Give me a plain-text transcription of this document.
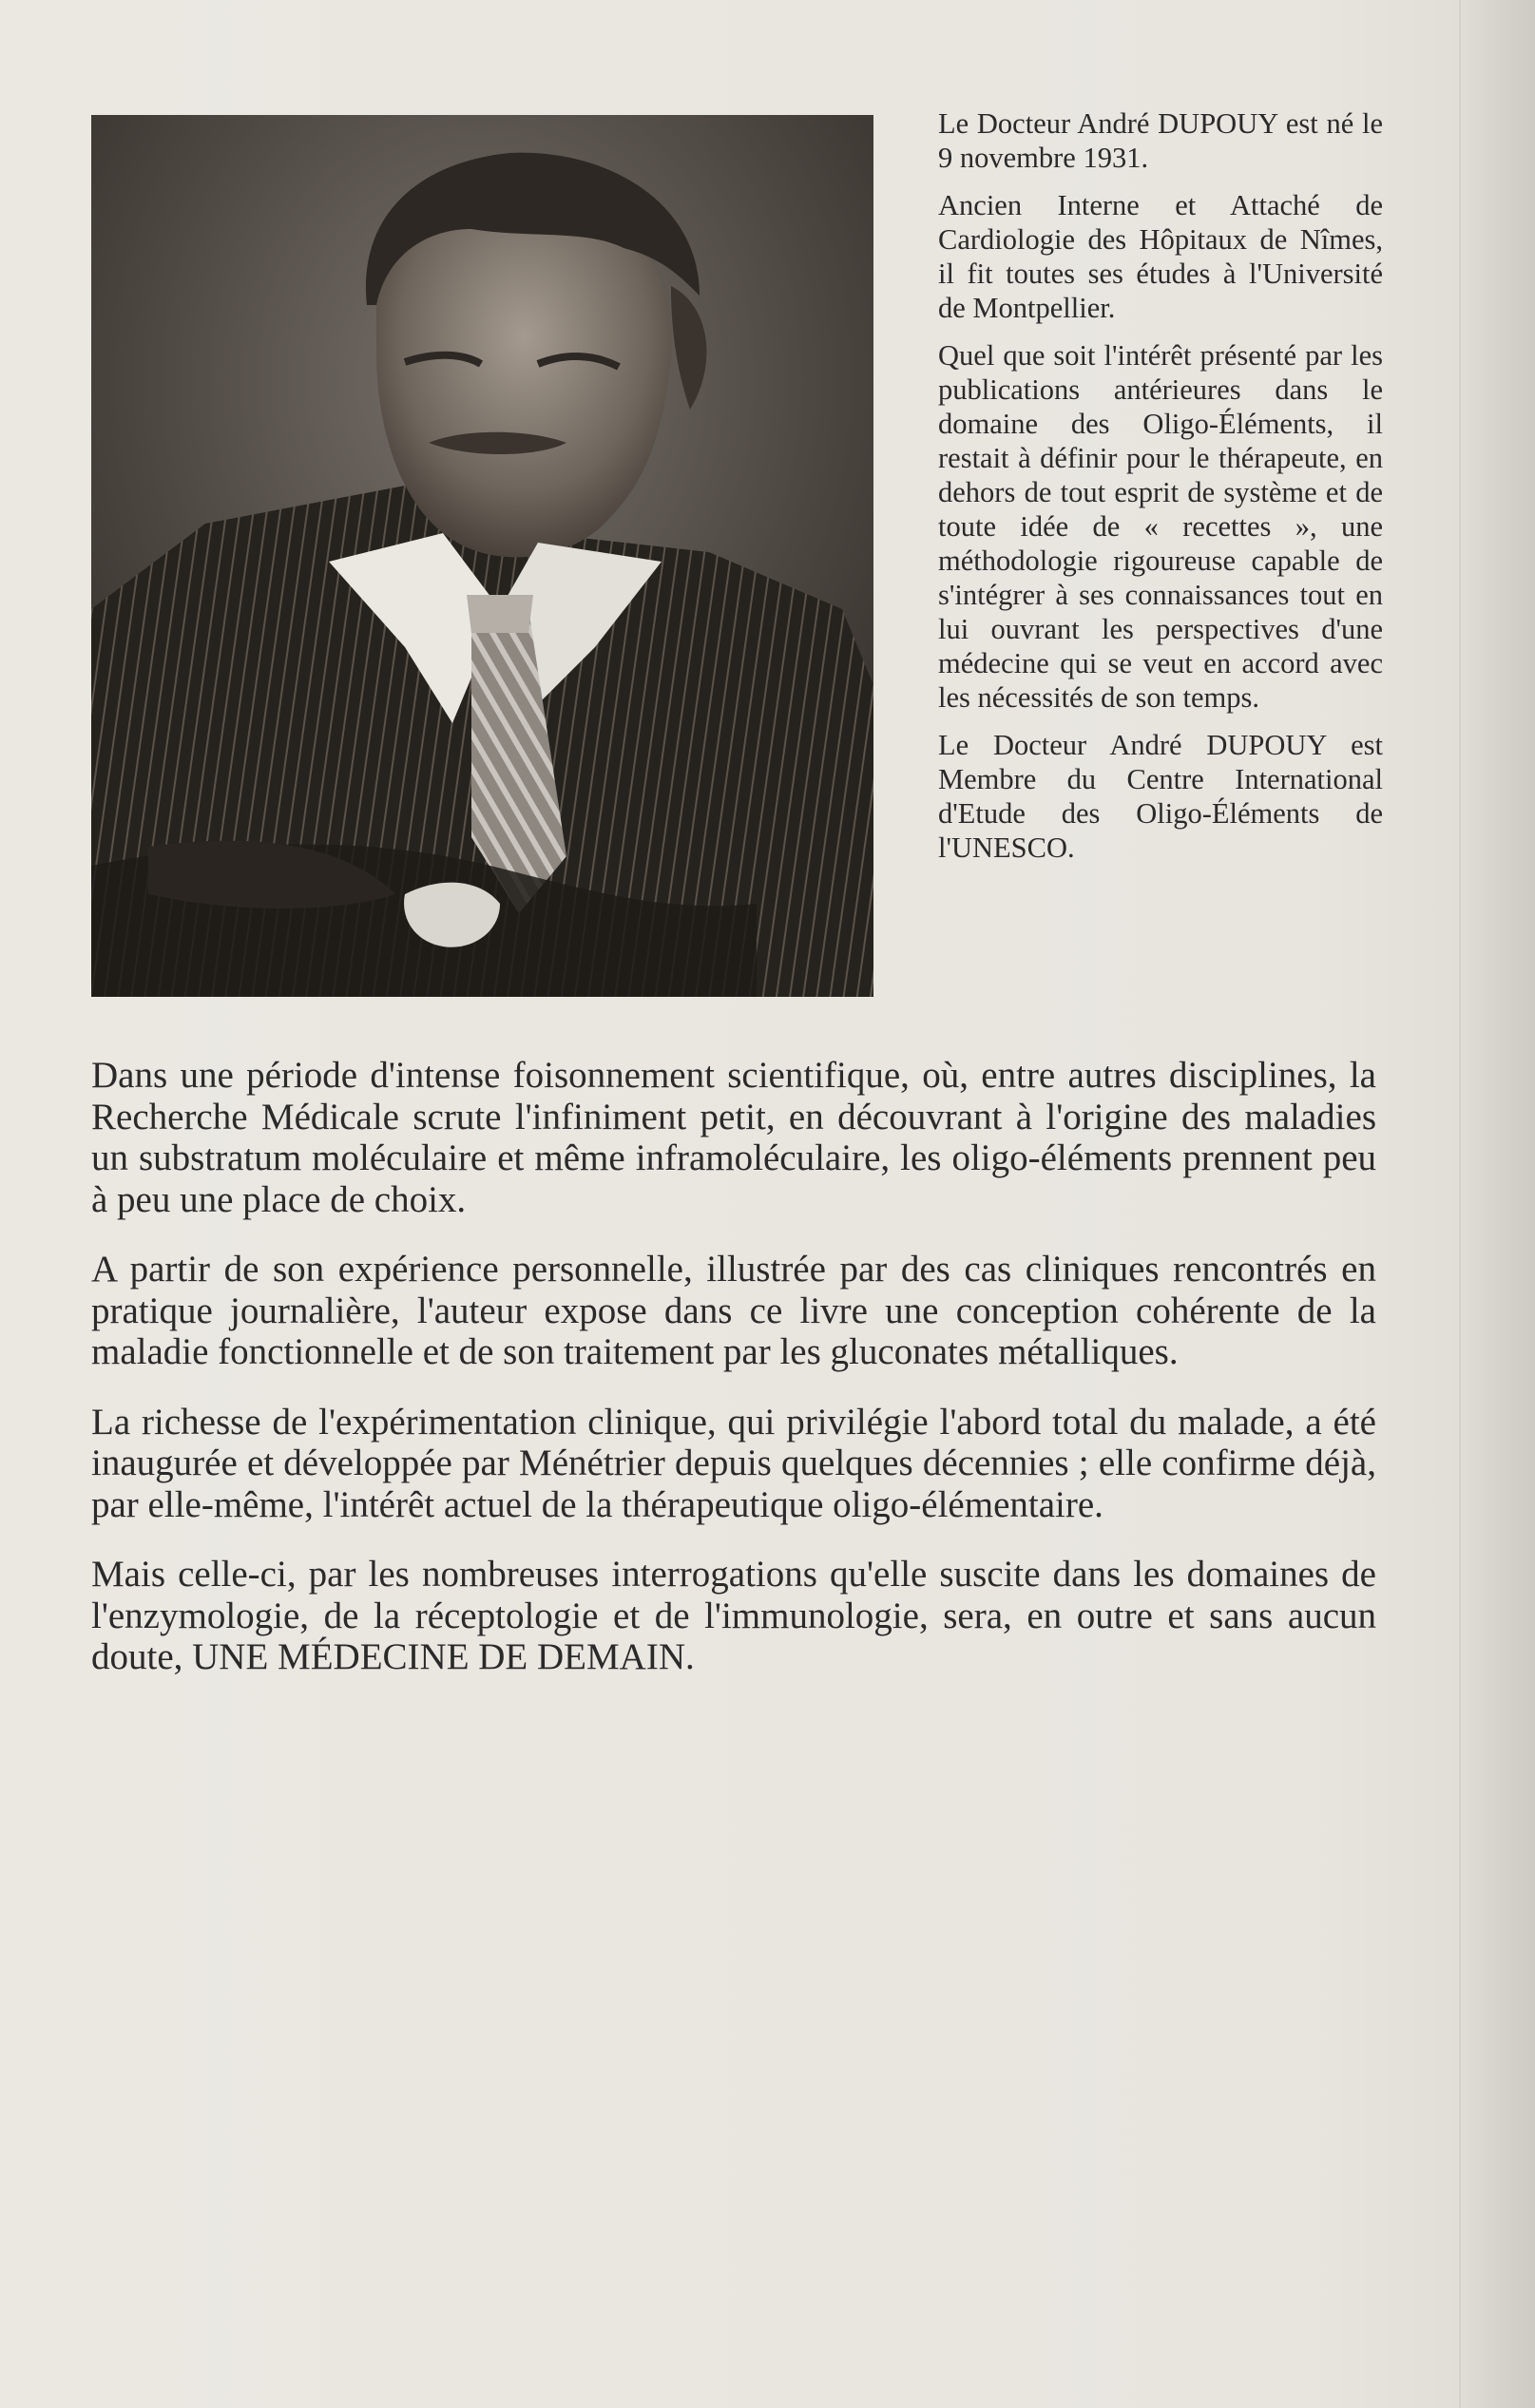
Le Docteur André DUPOUY est né le 9 novembre 1931.

Ancien Interne et Attaché de Cardiologie des Hôpitaux de Nîmes, il fit toutes ses études à l'Université de Montpellier.

Quel que soit l'intérêt présenté par les publications antérieures dans le domaine des Oligo-Éléments, il restait à définir pour le thérapeute, en dehors de tout esprit de système et de toute idée de « recettes », une méthodologie rigoureuse capable de s'intégrer à ses connaissances tout en lui ouvrant les perspectives d'une médecine qui se veut en accord avec les nécessités de son temps.

Le Docteur André DUPOUY est Membre du Centre International d'Etude des Oligo-Éléments de l'UNESCO.

Dans une période d'intense foisonnement scientifique, où, entre autres disciplines, la Recherche Médicale scrute l'infiniment petit, en découvrant à l'origine des maladies un substratum moléculaire et même inframoléculaire, les oligo-éléments prennent peu à peu une place de choix.

A partir de son expérience personnelle, illustrée par des cas cliniques rencontrés en pratique journalière, l'auteur expose dans ce livre une conception cohérente de la maladie fonctionnelle et de son traitement par les gluconates métalliques.

La richesse de l'expérimentation clinique, qui privilégie l'abord total du malade, a été inaugurée et développée par Ménétrier depuis quelques décennies ; elle confirme déjà, par elle-même, l'intérêt actuel de la thérapeutique oligo-élémentaire.

Mais celle-ci, par les nombreuses interrogations qu'elle suscite dans les domaines de l'enzymologie, de la réceptologie et de l'immunologie, sera, en outre et sans aucun doute, UNE MÉDECINE DE DEMAIN.
